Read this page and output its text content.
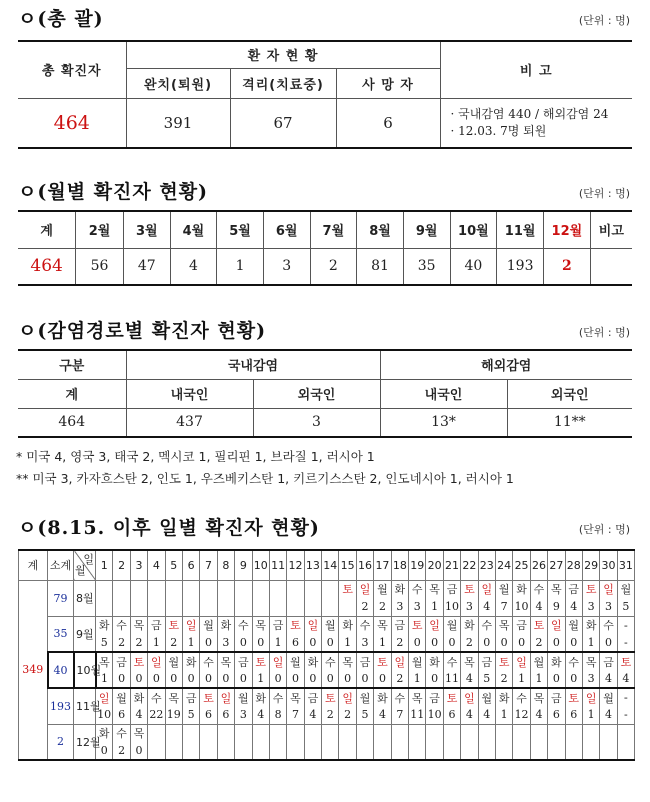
ㅇ(총 괄)	(단위 : 명)
총 확진자	환 자 현 황			비 고
	완치(퇴원)	격리(치료중)	사 망 자	
464	391	67	6	· 국내감염 440 / 해외감염 24
· 12.03. 7명 퇴원
ㅇ(월별 확진자 현황)	(단위 : 명)
계	2월	3월	4월	5월	6월	7월	8월	9월	10월	11월	12월	비고
464	56	47	4	1	3	2	81	35	40	193	2	
ㅇ(감염경로별 확진자 현황)	(단위 : 명)
구분	국내감염		해외감염	
계	내국인	외국인	내국인	외국인
464	437	3	13*	11**
* 미국 4, 영국 3, 태국 2, 멕시코 1, 필리핀 1, 브라질 1, 러시아 1
** 미국 3, 카자흐스탄 2, 인도 1, 우즈베키스탄 1, 키르기스스탄 2, 인도네시아 1, 러시아 1
ㅇ(8.15. 이후 일별 확진자 현황)	(단위 : 명)
계	소계	일
월	1	2	3	4	5	6	7	8	9	10	11	12	13	14	15	16	17	18	19	20	21	22	23	24	25	26	27	28	29	30	31	
349	79	8월															토	일	월	화	수	목	금	토	일	월	화	수	목	금	토	일	월	
																		2	2	3	3	1	10	3	4	7	10	4	9	4	3	3	5	
	35	9월	화	수	목	금	토	일	월	화	수	목	금	토	일	월	화	수	목	금	토	일	월	화	수	목	금	토	일	월	화	수	-	
			5	2	2	1	2	1	0	3	0	0	1	6	0	0	1	3	1	2	0	0	0	2	0	0	0	2	0	0	1	0	-	
	40	10월	목	금	토	일	월	화	수	목	금	토	일	월	화	수	목	금	토	일	월	화	수	목	금	토	일	월	화	수	목	금	토	
			1	0	0	0	0	0	0	0	0	1	0	0	0	0	0	0	0	2	1	0	11	4	5	2	1	1	0	0	3	4	4	
	193	11월	일	월	화	수	목	금	토	일	월	화	수	목	금	토	일	월	화	수	목	금	토	일	월	화	수	목	금	토	일	월	-	
			10	6	4	22	19	5	6	6	3	4	8	7	4	2	2	5	4	7	11	10	6	4	4	1	12	4	6	6	1	4	-	
	2	12월	화	수	목																													
			0	2	0																													
